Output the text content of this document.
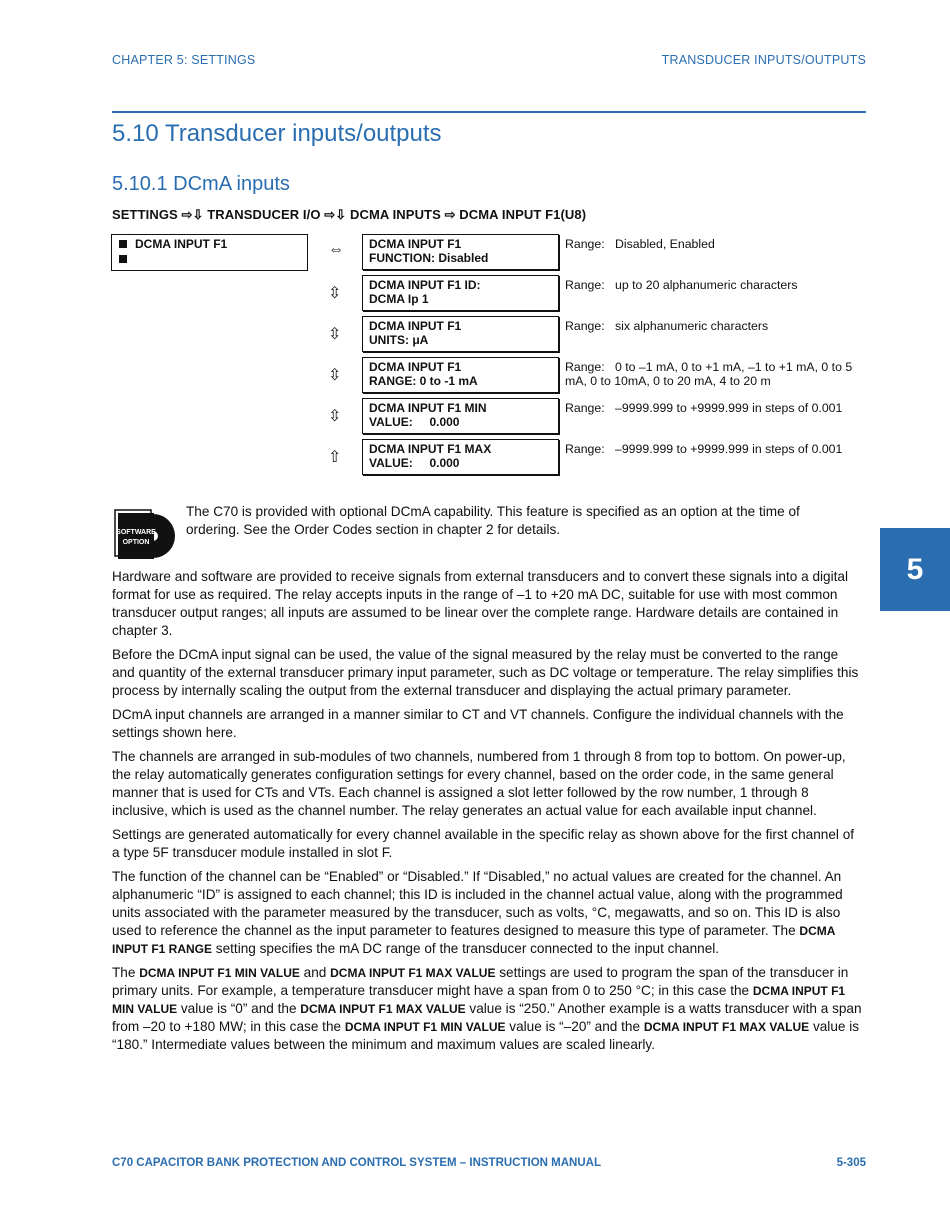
CHAPTER 5: SETTINGS	TRANSDUCER INPUTS/OUTPUTS
5.10 Transducer inputs/outputs
5.10.1 DCmA inputs
SETTINGS ⇨⇩ TRANSDUCER I/O ⇨⇩ DCMA INPUTS ⇨ DCMA INPUT F1(U8)
DCMA INPUT F1	⇔ DCMA INPUT F1
FUNCTION: Disabled
Range: Disabled, Enabled
⇳ DCMA INPUT F1 ID:
DCMA Ip 1
Range: up to 20 alphanumeric characters
⇳ DCMA INPUT F1
UNITS: μA
Range: six alphanumeric characters
⇳ DCMA INPUT F1
RANGE: 0 to -1 mA
Range: 0 to –1 mA, 0 to +1 mA, –1 to +1 mA, 0 to 5 mA, 0 to 10mA, 0 to 20 mA, 4 to 20 m
⇳ DCMA INPUT F1 MIN
VALUE:     0.000
Range: –9999.999 to +9999.999 in steps of 0.001
⇧ DCMA INPUT F1 MAX
VALUE:     0.000
Range: –9999.999 to +9999.999 in steps of 0.001
SOFTWARE
OPTION
The C70 is provided with optional DCmA capability. This feature is specified as an option at the time of ordering. See the Order Codes section in chapter 2 for details.

Hardware and software are provided to receive signals from external transducers and to convert these signals into a digital format for use as required. The relay accepts inputs in the range of –1 to +20 mA DC, suitable for use with most common transducer output ranges; all inputs are assumed to be linear over the complete range. Hardware details are contained in chapter 3.

Before the DCmA input signal can be used, the value of the signal measured by the relay must be converted to the range and quantity of the external transducer primary input parameter, such as DC voltage or temperature. The relay simplifies this process by internally scaling the output from the external transducer and displaying the actual primary parameter.

DCmA input channels are arranged in a manner similar to CT and VT channels. Configure the individual channels with the settings shown here.

The channels are arranged in sub-modules of two channels, numbered from 1 through 8 from top to bottom. On power-up, the relay automatically generates configuration settings for every channel, based on the order code, in the same general manner that is used for CTs and VTs. Each channel is assigned a slot letter followed by the row number, 1 through 8 inclusive, which is used as the channel number. The relay generates an actual value for each available input channel.

Settings are generated automatically for every channel available in the specific relay as shown above for the first channel of a type 5F transducer module installed in slot F.

The function of the channel can be “Enabled” or “Disabled.” If “Disabled,” no actual values are created for the channel. An alphanumeric “ID” is assigned to each channel; this ID is included in the channel actual value, along with the programmed units associated with the parameter measured by the transducer, such as volts, °C, megawatts, and so on. This ID is also used to reference the channel as the input parameter to features designed to measure this type of parameter. The DCMA INPUT F1 RANGE setting specifies the mA DC range of the transducer connected to the input channel.

The DCMA INPUT F1 MIN VALUE and DCMA INPUT F1 MAX VALUE settings are used to program the span of the transducer in primary units. For example, a temperature transducer might have a span from 0 to 250 °C; in this case the DCMA INPUT F1 MIN VALUE value is “0” and the DCMA INPUT F1 MAX VALUE value is “250.” Another example is a watts transducer with a span from –20 to +180 MW; in this case the DCMA INPUT F1 MIN VALUE value is “–20” and the DCMA INPUT F1 MAX VALUE value is “180.” Intermediate values between the minimum and maximum values are scaled linearly.

5
C70 CAPACITOR BANK PROTECTION AND CONTROL SYSTEM – INSTRUCTION MANUAL	5-305
